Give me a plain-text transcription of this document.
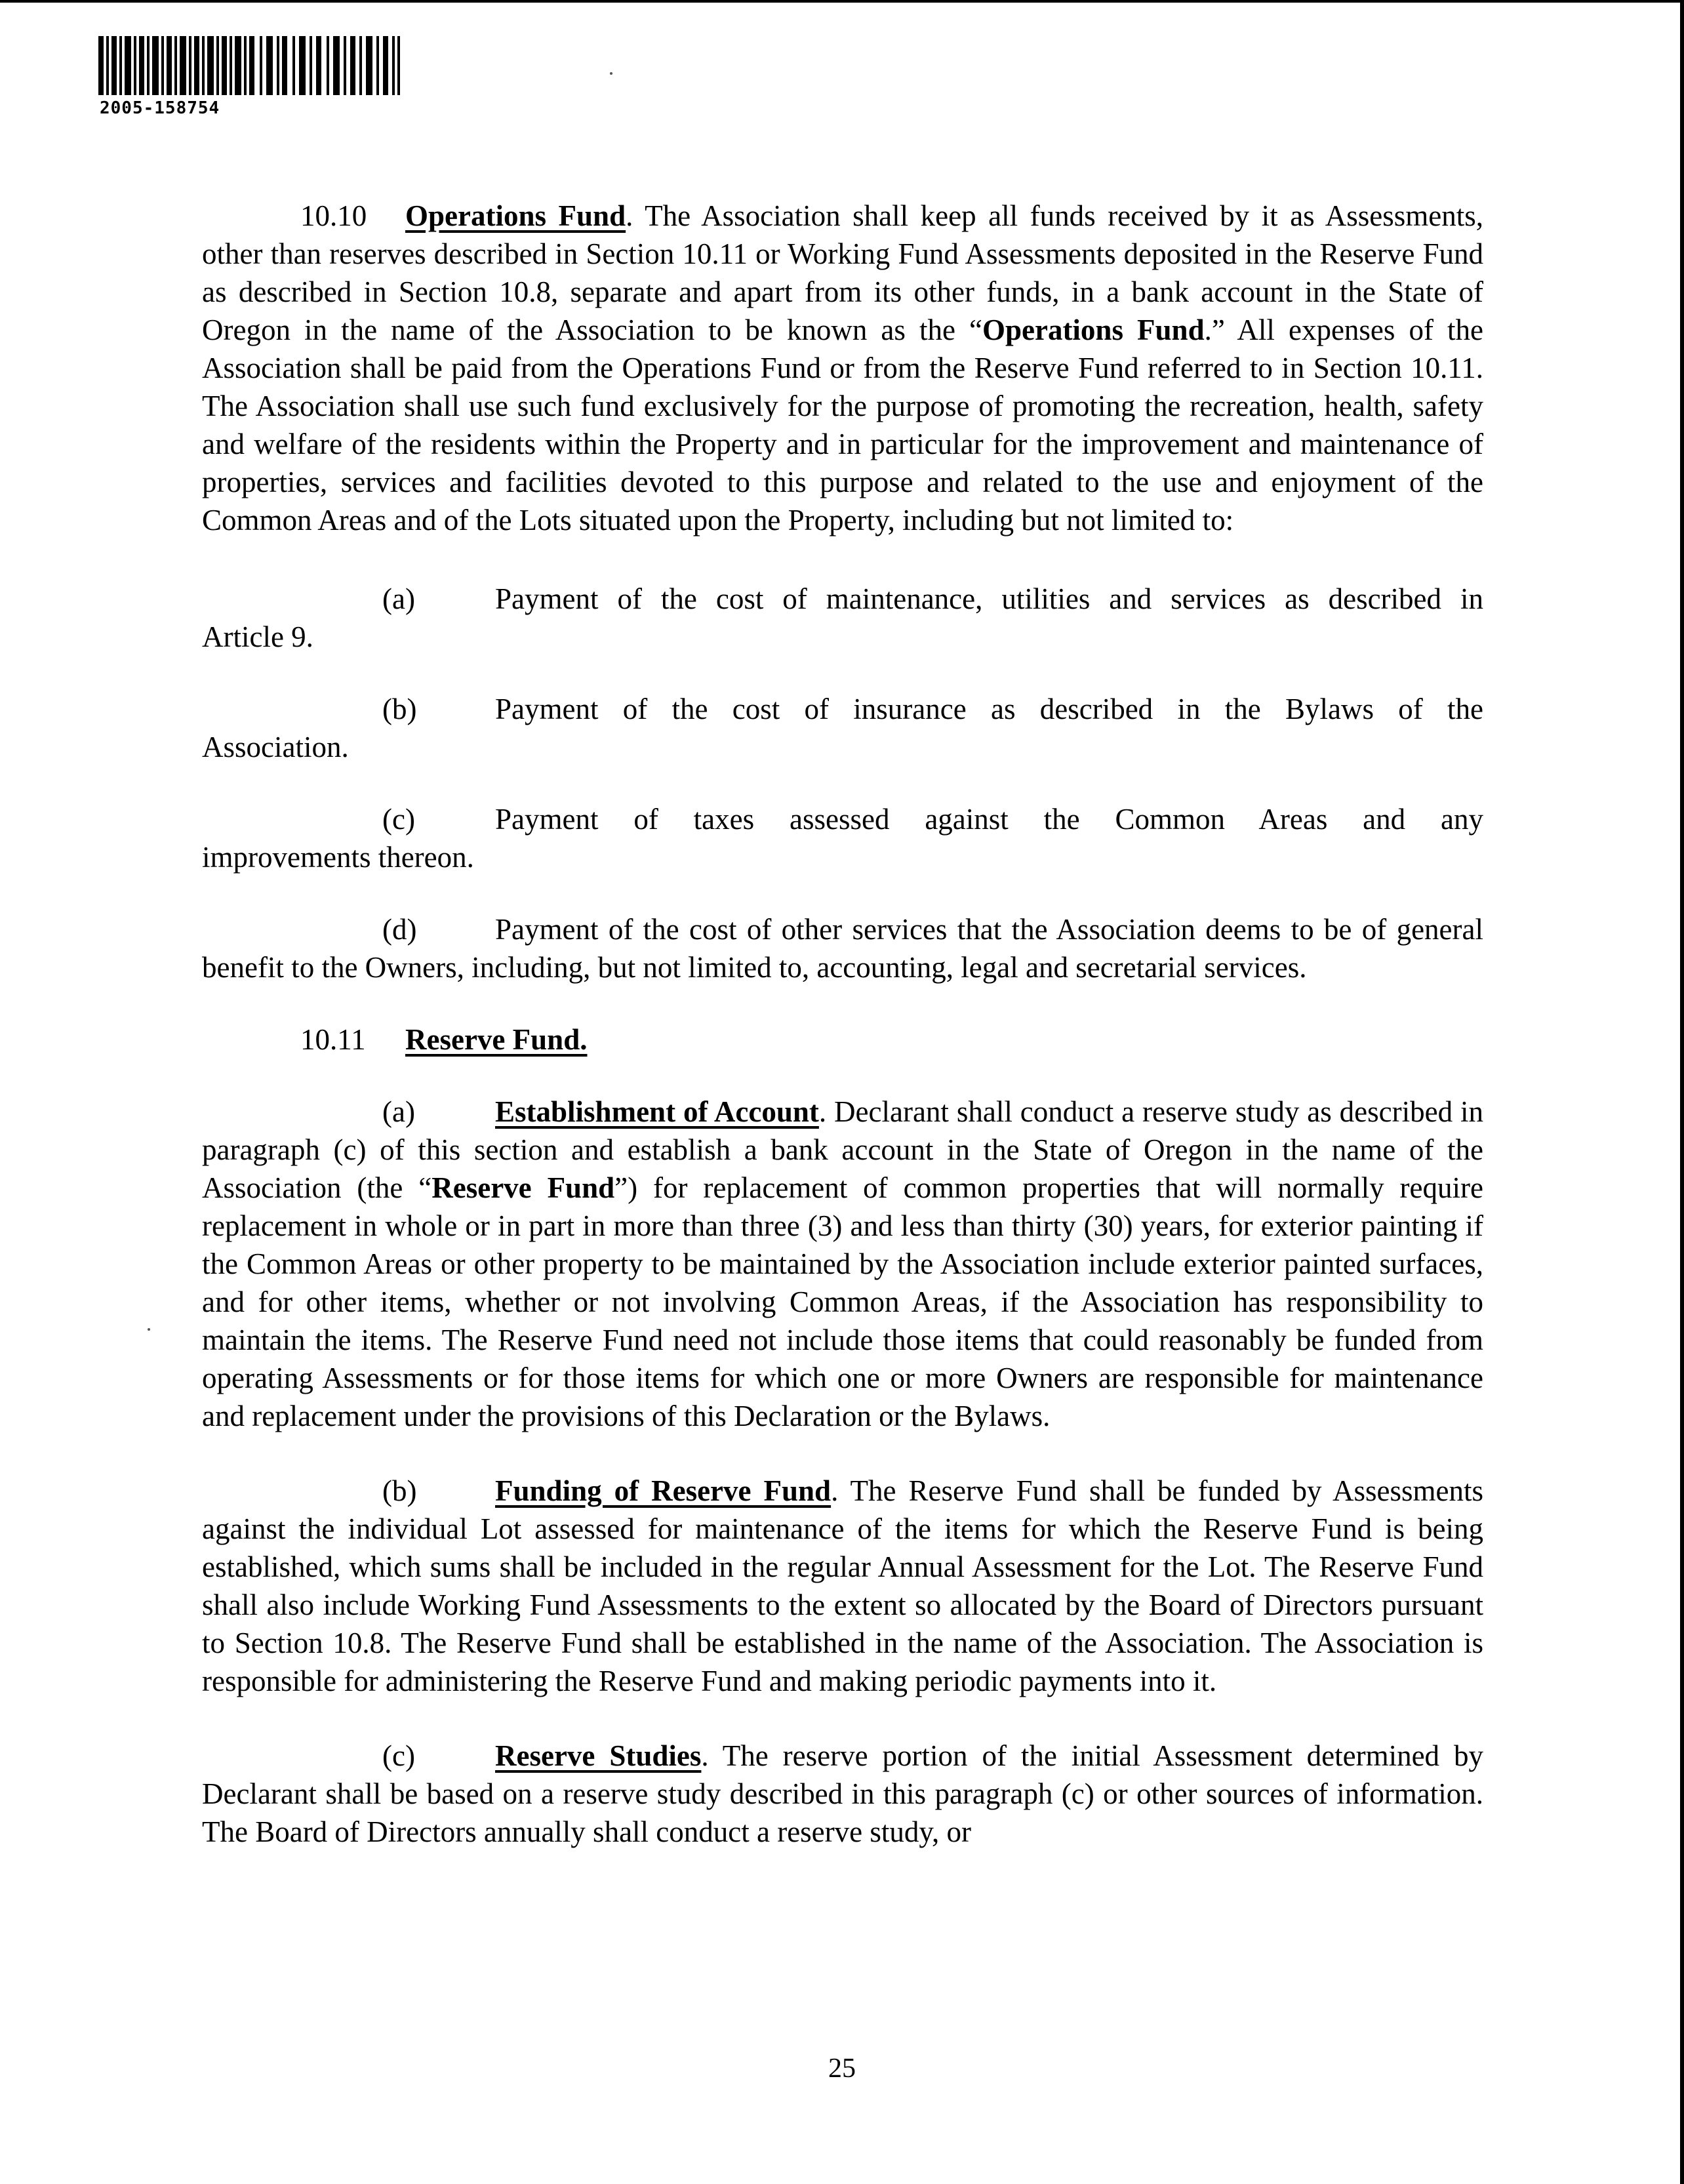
2005-158754

10.10 Operations Fund. The Association shall keep all funds received by it as Assessments, other than reserves described in Section 10.11 or Working Fund Assessments deposited in the Reserve Fund as described in Section 10.8, separate and apart from its other funds, in a bank account in the State of Oregon in the name of the Association to be known as the “Operations Fund.” All expenses of the Association shall be paid from the Operations Fund or from the Reserve Fund referred to in Section 10.11. The Association shall use such fund exclusively for the purpose of promoting the recreation, health, safety and welfare of the residents within the Property and in particular for the improvement and maintenance of properties, services and facilities devoted to this purpose and related to the use and enjoyment of the Common Areas and of the Lots situated upon the Property, including but not limited to:

(a)	Payment of the cost of maintenance, utilities and services as described in

Article 9.

(b)	Payment of the cost of insurance as described in the Bylaws of the

Association.

(c)	Payment of taxes assessed against the Common Areas and any

improvements thereon.

(d)	Payment of the cost of other services that the Association deems to be of general benefit to the Owners, including, but not limited to, accounting, legal and secretarial services.

10.11 Reserve Fund.

(a)	Establishment of Account. Declarant shall conduct a reserve study as described in paragraph (c) of this section and establish a bank account in the State of Oregon in the name of the Association (the “Reserve Fund”) for replacement of common properties that will normally require replacement in whole or in part in more than three (3) and less than thirty (30) years, for exterior painting if the Common Areas or other property to be maintained by the Association include exterior painted surfaces, and for other items, whether or not involving Common Areas, if the Association has responsibility to maintain the items. The Reserve Fund need not include those items that could reasonably be funded from operating Assessments or for those items for which one or more Owners are responsible for maintenance and replacement under the provisions of this Declaration or the Bylaws.

(b)	Funding of Reserve Fund. The Reserve Fund shall be funded by Assessments against the individual Lot assessed for maintenance of the items for which the Reserve Fund is being established, which sums shall be included in the regular Annual Assessment for the Lot. The Reserve Fund shall also include Working Fund Assessments to the extent so allocated by the Board of Directors pursuant to Section 10.8. The Reserve Fund shall be established in the name of the Association. The Association is responsible for administering the Reserve Fund and making periodic payments into it.

(c)	Reserve Studies. The reserve portion of the initial Assessment determined by Declarant shall be based on a reserve study described in this paragraph (c) or other sources of information. The Board of Directors annually shall conduct a reserve study, or

25
